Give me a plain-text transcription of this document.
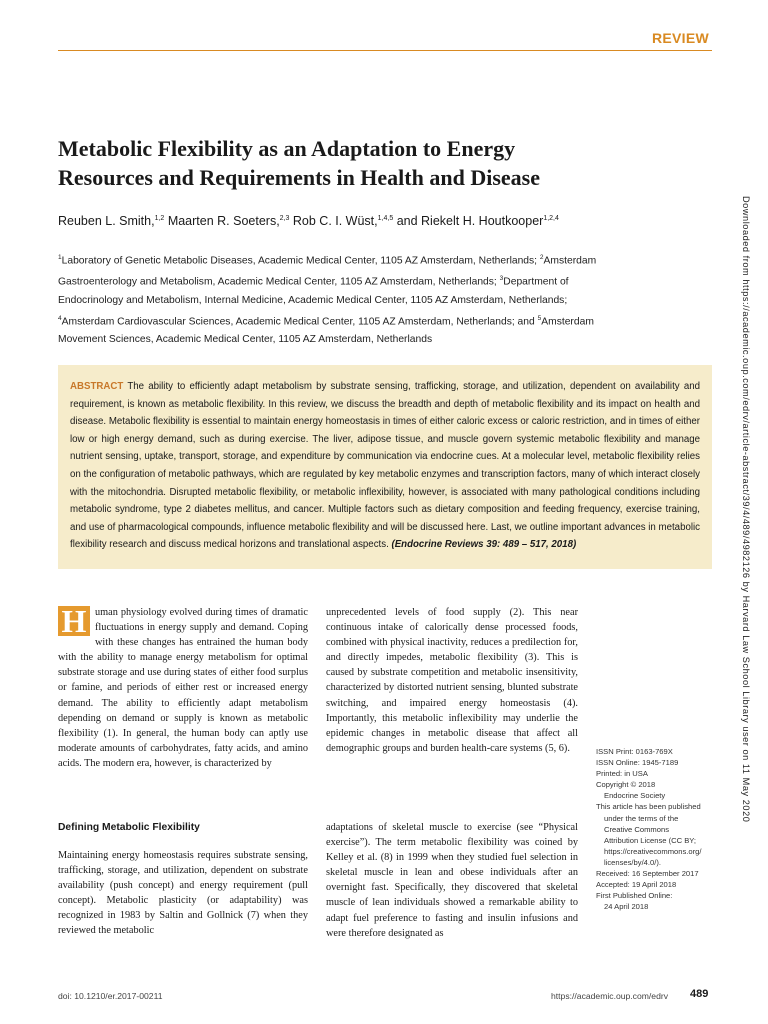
REVIEW
Metabolic Flexibility as an Adaptation to Energy Resources and Requirements in Health and Disease
Reuben L. Smith,$^{1,2}$ Maarten R. Soeters,$^{2,3}$ Rob C. I. Wüst,$^{1,4,5}$ and Riekelt H. Houtkooper$^{1,2,4}$
$^1$Laboratory of Genetic Metabolic Diseases, Academic Medical Center, 1105 AZ Amsterdam, Netherlands; $^2$Amsterdam Gastroenterology and Metabolism, Academic Medical Center, 1105 AZ Amsterdam, Netherlands; $^3$Department of Endocrinology and Metabolism, Internal Medicine, Academic Medical Center, 1105 AZ Amsterdam, Netherlands; $^4$Amsterdam Cardiovascular Sciences, Academic Medical Center, 1105 AZ Amsterdam, Netherlands; and $^5$Amsterdam Movement Sciences, Academic Medical Center, 1105 AZ Amsterdam, Netherlands
ABSTRACT The ability to efficiently adapt metabolism by substrate sensing, trafficking, storage, and utilization, dependent on availability and requirement, is known as metabolic flexibility. In this review, we discuss the breadth and depth of metabolic flexibility and its impact on health and disease. Metabolic flexibility is essential to maintain energy homeostasis in times of either caloric excess or caloric restriction, and in times of either low or high energy demand, such as during exercise. The liver, adipose tissue, and muscle govern systemic metabolic flexibility and manage nutrient sensing, uptake, transport, storage, and expenditure by communication via endocrine cues. At a molecular level, metabolic flexibility relies on the configuration of metabolic pathways, which are regulated by key metabolic enzymes and transcription factors, many of which interact closely with the mitochondria. Disrupted metabolic flexibility, or metabolic inflexibility, however, is associated with many pathological conditions including metabolic syndrome, type 2 diabetes mellitus, and cancer. Multiple factors such as dietary composition and feeding frequency, exercise training, and use of pharmacological compounds, influence metabolic flexibility and will be discussed here. Last, we outline important advances in metabolic flexibility research and discuss medical horizons and translational aspects. (Endocrine Reviews 39: 489 – 517, 2018)
H uman physiology evolved during times of dramatic fluctuations in energy supply and demand. Coping with these changes has entrained the human body with the ability to manage energy metabolism for optimal substrate storage and use during states of either food surplus or famine, and periods of either rest or increased energy demand. The ability to efficiently adapt metabolism depending on demand or supply is known as metabolic flexibility (1). In general, the human body can aptly use moderate amounts of carbohydrates, fatty acids, and amino acids. The modern era, however, is characterized by
unprecedented levels of food supply (2). This near continuous intake of calorically dense processed foods, combined with physical inactivity, reduces a predilection for, and directly impedes, metabolic flexibility (3). This is caused by substrate competition and metabolic insensitivity, characterized by distorted nutrient sensing, blunted substrate switching, and impaired energy homeostasis (4). Importantly, this metabolic inflexibility may underlie the epidemic changes in metabolic disease that affect all demographic groups and burden health-care systems (5, 6).
Defining Metabolic Flexibility
Maintaining energy homeostasis requires substrate sensing, trafficking, storage, and utilization, dependent on substrate availability (push concept) and energy requirement (pull concept). Metabolic plasticity (or adaptability) was recognized in 1983 by Saltin and Gollnick (7) when they reviewed the metabolic
adaptations of skeletal muscle to exercise (see “Physical exercise”). The term metabolic flexibility was coined by Kelley et al. (8) in 1999 when they studied fuel selection in skeletal muscle in lean and obese individuals after an overnight fast. Specifically, they discovered that skeletal muscle of lean individuals showed a remarkable ability to adapt fuel preference to fasting and insulin infusions and were therefore designated as
ISSN Print: 0163-769X
ISSN Online: 1945-7189
Printed: in USA
Copyright © 2018
Endocrine Society
This article has been published
under the terms of the
Creative Commons
Attribution License (CC BY;
https://creativecommons.org/
licenses/by/4.0/).
Received: 16 September 2017
Accepted: 19 April 2018
First Published Online:
24 April 2018
Downloaded from https://academic.oup.com/edrv/article-abstract/39/4/489/4982126 by Harvard Law School Library user on 11 May 2020
doi: 10.1210/er.2017-00211	https://academic.oup.com/edrv 489
